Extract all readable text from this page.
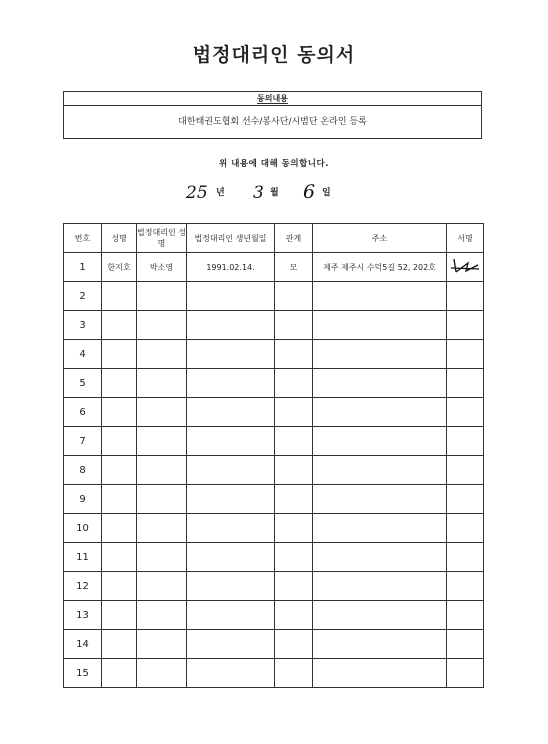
법정대리인 동의서
동의내용
대한태권도협회 선수/봉사단/시범단 온라인 등록
위 내용에 대해 동의합니다.
25 년 3 월 6 일
번호	성명	법정대리인 성명	법정대리인 생년월일	관계	주소	서명
1	한지호	박소영	1991.02.14.	모	제주 제주시 수덕5길 52, 202호	
2						
3						
4						
5						
6						
7						
8						
9						
10						
11						
12						
13						
14						
15						
